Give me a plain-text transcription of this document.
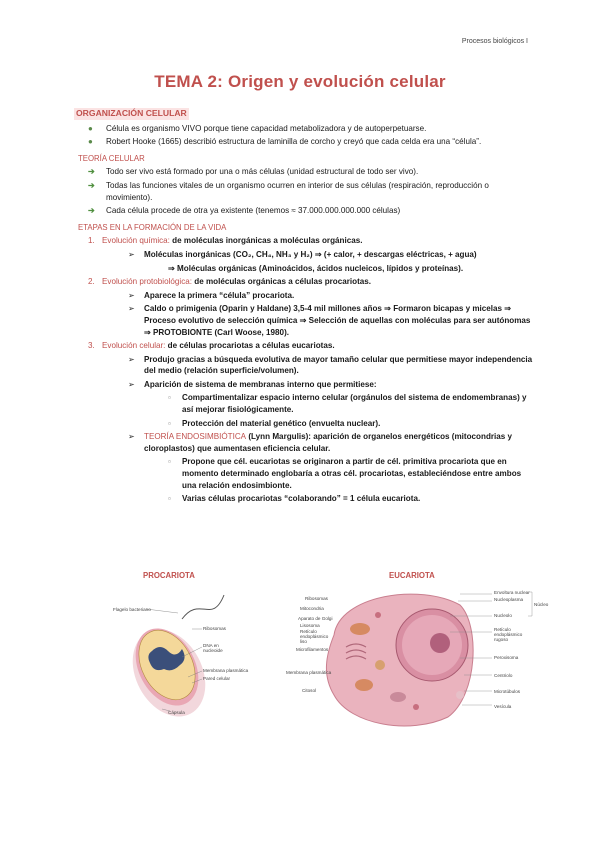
Procesos biológicos I
TEMA 2: Origen y evolución celular
ORGANIZACIÓN CELULAR
● Célula es organismo VIVO porque tiene capacidad metabolizadora y de autoperpetuarse.
● Robert Hooke (1665) describió estructura de laminilla de corcho y creyó que cada celda era una “célula”.
TEORÍA CELULAR
➔ Todo ser vivo está formado por una o más células (unidad estructural de todo ser vivo).
➔ Todas las funciones vitales de un organismo ocurren en interior de sus células (respiración, reproducción o movimiento).
➔ Cada célula procede de otra ya existente (tenemos ≈ 37.000.000.000.000 células)
ETAPAS EN LA FORMACIÓN DE LA VIDA
1. Evolución química: de moléculas inorgánicas a moléculas orgánicas.
➢ Moléculas inorgánicas (CO₂, CH₄, NH₃ y H₂) ⇒ (+ calor, + descargas eléctricas, + agua)
⇒ Moléculas orgánicas (Aminoácidos, ácidos nucleicos, lípidos y proteínas).
2. Evolución protobiológica: de moléculas orgánicas a células procariotas.
➢ Aparece la primera “célula” procariota.
➢ Caldo o primigenia (Oparin y Haldane) 3,5-4 mil millones años ⇒ Formaron bicapas y micelas ⇒ Proceso evolutivo de selección química ⇒ Selección de aquellas con moléculas para ser autónomas ⇒ PROTOBIONTE (Carl Woose, 1980).
3. Evolución celular: de células procariotas a células eucariotas.
➢ Produjo gracias a búsqueda evolutiva de mayor tamaño celular que permitiese mayor independencia del medio (relación superficie/volumen).
➢ Aparición de sistema de membranas interno que permitiese:
▫ Compartimentalizar espacio interno celular (orgánulos del sistema de endomembranas) y así mejorar fisiológicamente.
▫ Protección del material genético (envuelta nuclear).
➢ TEORÍA ENDOSIMBIÓTICA (Lynn Margulis): aparición de organelos energéticos (mitocondrias y cloroplastos) que aumentasen eficiencia celular.
▫ Propone que cél. eucariotas se originaron a partir de cél. primitiva procariota que en momento determinado englobaría a otras cél. procariotas, estableciéndose entre ambos una relación endosimbionte.
▫ Varias células procariotas “colaborando” = 1 célula eucariota.
PROCARIOTA
Flagelo bacteriano
Ribosomas
DNA en nucleoide
Membrana plasmática
Pared celular
Cápsula
EUCARIOTA
Ribosomas
Mitocondria
Aparato de Golgi
Lisosoma
Retículo endoplásmico liso
Microfilamentos
Membrana plasmática
Citosol
Envoltura nuclear
Nucleoplasma
Nucleolo
Retículo endoplásmico rugoso
Peroxisoma
Centriolo
Microtúbulos
Vesícula
Núcleo
